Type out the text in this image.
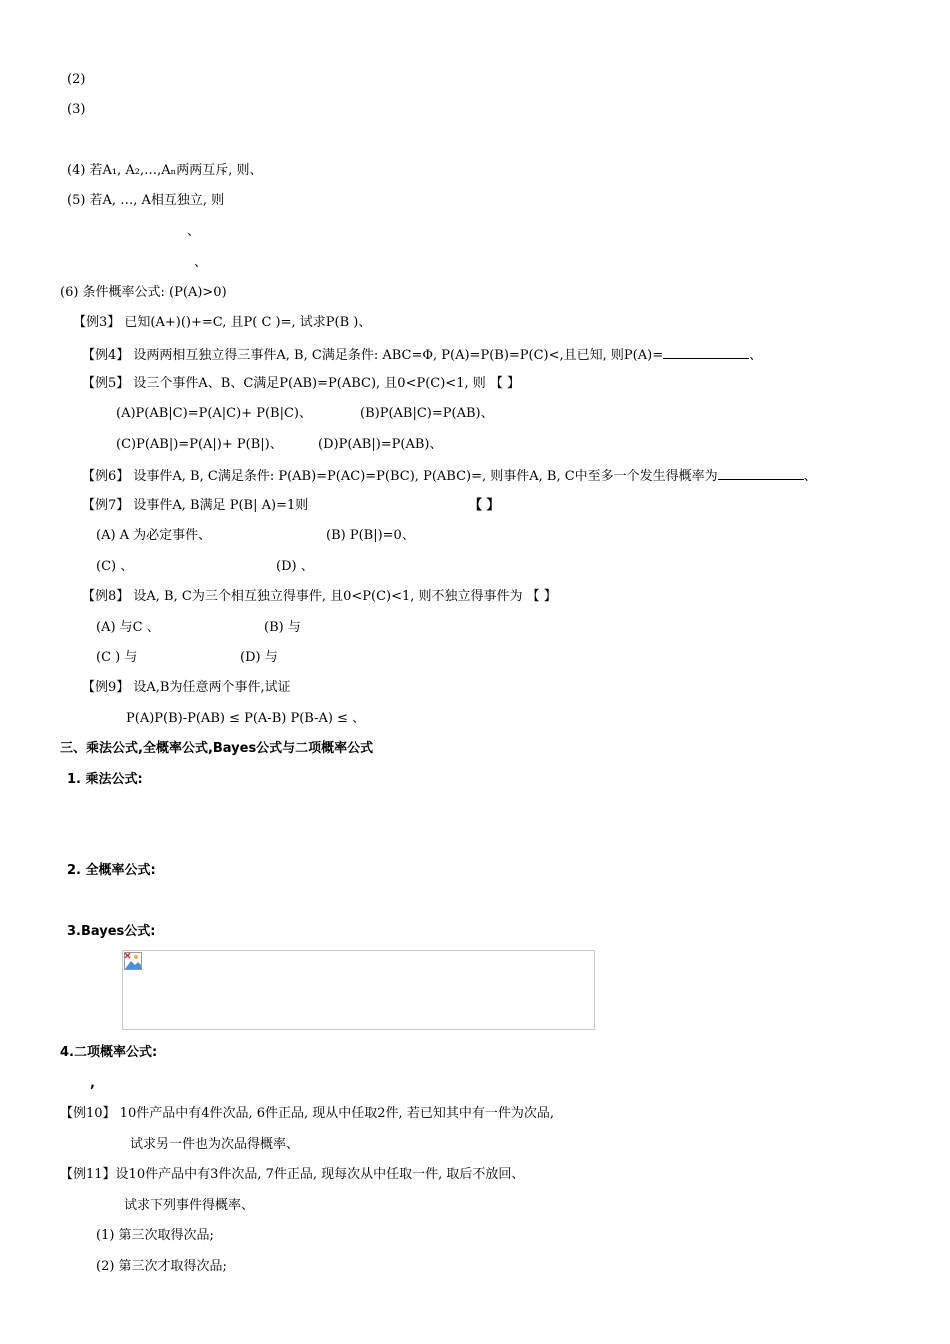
(2)
(3)
(4) 若A₁, A₂,…,Aₙ两两互斥, 则、
(5) 若A, …, A相互独立, 则
、
、
(6) 条件概率公式: (P(A)>0)
【例3】 已知(A+)()+=C, 且P( C )=, 试求P(B )、
【例4】 设两两相互独立得三事件A, B, C满足条件: ABC=Φ, P(A)=P(B)=P(C)<,且已知, 则P(A)=	、
【例5】 设三个事件A、B、C满足P(AB)=P(ABC), 且0<P(C)<1, 则 【 】
(A)P(AB|C)=P(A|C)+ P(B|C)、	(B)P(AB|C)=P(AB)、
(C)P(AB|)=P(A|)+ P(B|)、	(D)P(AB|)=P(AB)、
【例6】 设事件A, B, C满足条件: P(AB)=P(AC)=P(BC), P(ABC)=, 则事件A, B, C中至多一个发生得概率为	、
【例7】 设事件A, B满足 P(B| A)=1则	【 】
(A) A 为必定事件、	(B) P(B|)=0、
(C) 、	(D) 、
【例8】 设A, B, C为三个相互独立得事件, 且0<P(C)<1, 则不独立得事件为 【 】
(A) 与C 、	(B) 与
(C ) 与	(D) 与
【例9】 设A,B为任意两个事件,试证
P(A)P(B)-P(AB) ≤ P(A-B) P(B-A) ≤ 、
三、乘法公式,全概率公式,Bayes公式与二项概率公式
1. 乘法公式:
2. 全概率公式:
3.Bayes公式:
4.二项概率公式:
,
【例10】 10件产品中有4件次品, 6件正品, 现从中任取2件, 若已知其中有一件为次品,
试求另一件也为次品得概率、
【例11】设10件产品中有3件次品, 7件正品, 现每次从中任取一件, 取后不放回、
试求下列事件得概率、
(1) 第三次取得次品;
(2) 第三次才取得次品;
